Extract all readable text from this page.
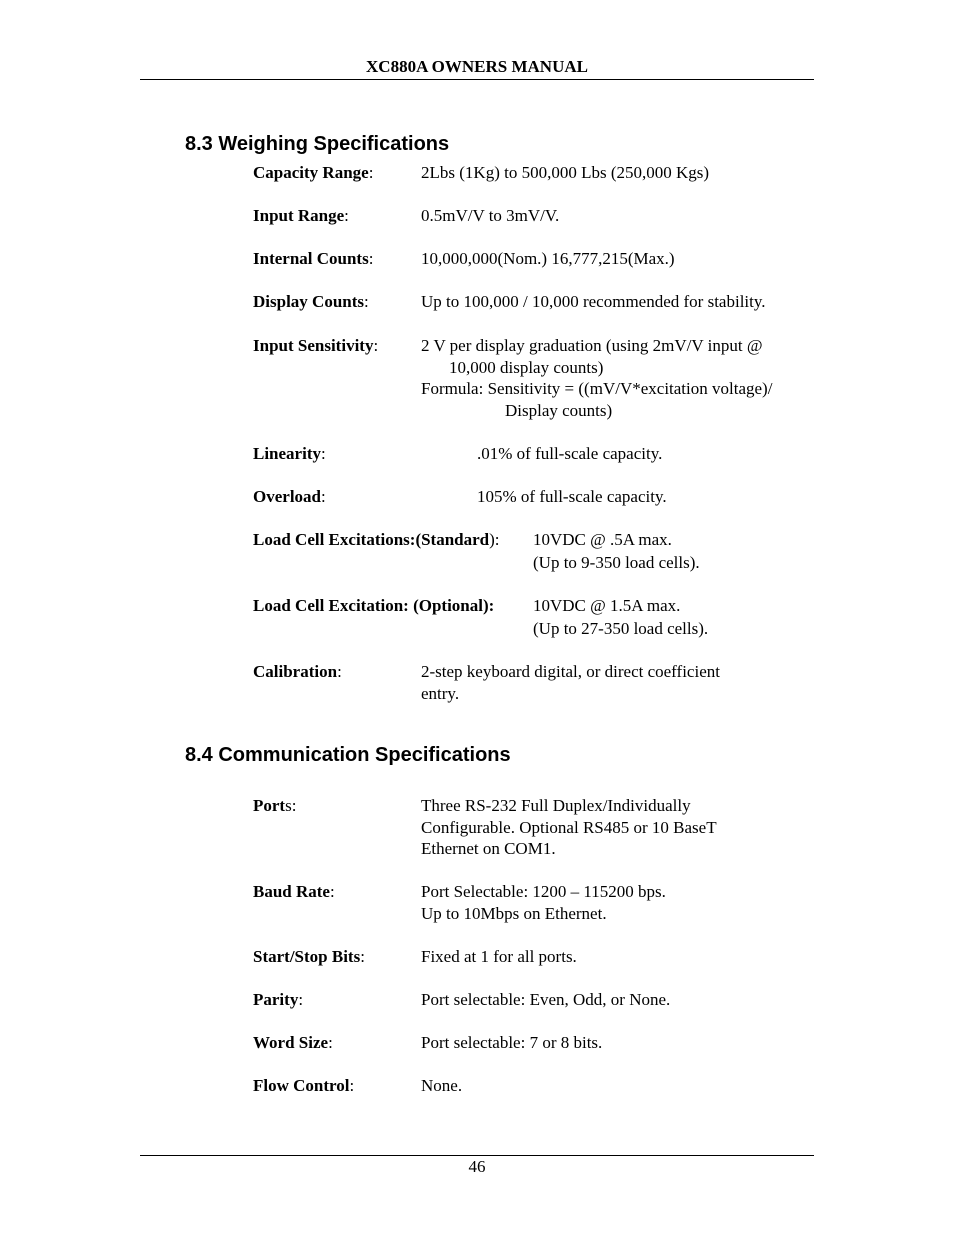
XC880A OWNERS MANUAL
8.3 Weighing Specifications
Capacity Range:	2Lbs (1Kg) to 500,000 Lbs (250,000 Kgs)
Input Range:	0.5mV/V to 3mV/V.
Internal Counts:	10,000,000(Nom.) 16,777,215(Max.)
Display Counts:	Up to 100,000 / 10,000 recommended for stability.
Input Sensitivity:	2 V per display graduation (using 2mV/V input @
10,000 display counts)
Formula: Sensitivity = ((mV/V*excitation voltage)/
Display counts)
Linearity:	.01% of full-scale capacity.
Overload:	105% of full-scale capacity.
Load Cell Excitations:(Standard): 10VDC @ .5A max.
(Up to 9-350 load cells).
Load Cell Excitation: (Optional): 10VDC @ 1.5A max.
(Up to 27-350 load cells).
Calibration:	2-step keyboard digital, or direct coefficient
entry.
8.4 Communication Specifications
Ports:	Three RS-232 Full Duplex/Individually
Configurable. Optional RS485 or 10 BaseT
Ethernet on COM1.
Baud Rate:	Port Selectable: 1200 – 115200 bps.
Up to 10Mbps on Ethernet.
Start/Stop Bits:	Fixed at 1 for all ports.
Parity:	Port selectable: Even, Odd, or None.
Word Size:	Port selectable: 7 or 8 bits.
Flow Control:	None.
46
